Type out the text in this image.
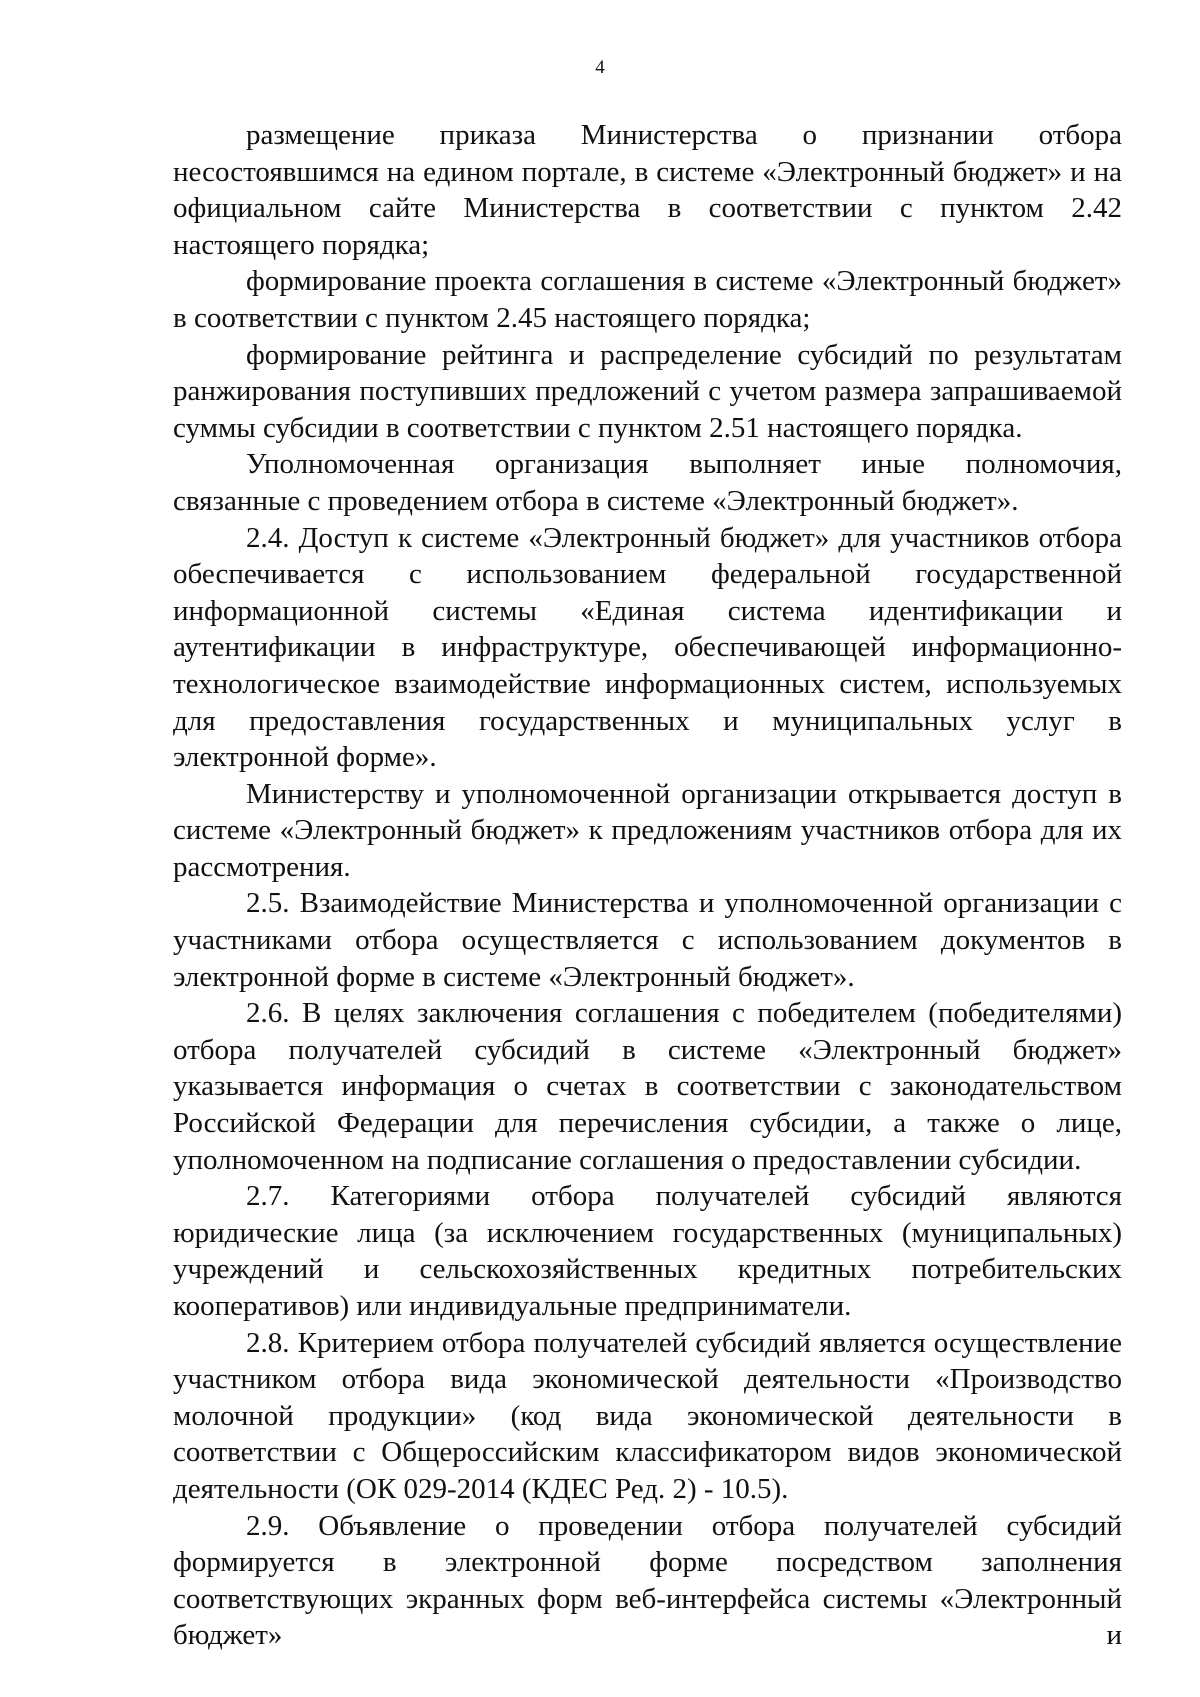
4

размещение приказа Министерства о признании отбора несостоявшимся на едином портале, в системе «Электронный бюджет» и на официальном сайте Министерства в соответствии с пунктом 2.42 настоящего порядка;

формирование проекта соглашения в системе «Электронный бюджет» в соответствии с пунктом 2.45 настоящего порядка;

формирование рейтинга и распределение субсидий по результатам ранжирования поступивших предложений с учетом размера запрашиваемой суммы субсидии в соответствии с пунктом 2.51 настоящего порядка.

Уполномоченная организация выполняет иные полномочия, связанные с проведением отбора в системе «Электронный бюджет».

2.4. Доступ к системе «Электронный бюджет» для участников отбора обеспечивается с использованием федеральной государственной информационной системы «Единая система идентификации и аутентификации в инфраструктуре, обеспечивающей информационно-технологическое взаимодействие информационных систем, используемых для предоставления государственных и муниципальных услуг в электронной форме».

Министерству и уполномоченной организации открывается доступ в системе «Электронный бюджет» к предложениям участников отбора для их рассмотрения.

2.5. Взаимодействие Министерства и уполномоченной организации с участниками отбора осуществляется с использованием документов в электронной форме в системе «Электронный бюджет».

2.6. В целях заключения соглашения с победителем (победителями) отбора получателей субсидий в системе «Электронный бюджет» указывается информация о счетах в соответствии с законодательством Российской Федерации для перечисления субсидии, а также о лице, уполномоченном на подписание соглашения о предоставлении субсидии.

2.7. Категориями отбора получателей субсидий являются юридические лица (за исключением государственных (муниципальных) учреждений и сельскохозяйственных кредитных потребительских кооперативов) или индивидуальные предприниматели.

2.8. Критерием отбора получателей субсидий является осуществление участником отбора вида экономической деятельности «Производство молочной продукции» (код вида экономической деятельности в соответствии с Общероссийским классификатором видов экономической деятельности (ОК 029-2014 (КДЕС Ред. 2) - 10.5).

2.9. Объявление о проведении отбора получателей субсидий формируется в электронной форме посредством заполнения соответствующих экранных форм веб-интерфейса системы «Электронный бюджет» и
